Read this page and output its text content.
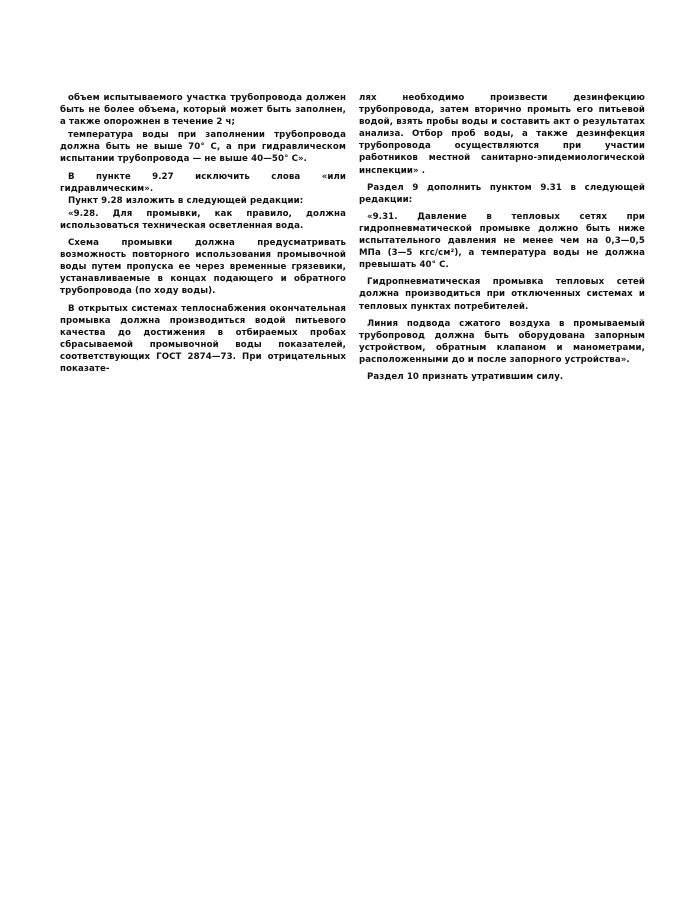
объем испытываемого участка трубопровода должен быть не более объема, который может быть заполнен, а также опорожнен в течение 2 ч;

температура воды при заполнении трубопровода должна быть не выше 70° С, а при гидравлическом испытании трубопровода — не выше 40—50° С».

В пункте 9.27 исключить слова «или гидравлическим».

Пункт 9.28 изложить в следующей редакции:

«9.28. Для промывки, как правило, должна использоваться техническая осветленная вода.

Схема промывки должна предусматривать возможность повторного использования промывочной воды путем пропуска ее через временные грязевики, устанавливаемые в концах подающего и обратного трубопровода (по ходу воды).

В открытых системах теплоснабжения окончательная промывка должна производиться водой питьевого качества до достижения в отбираемых пробах сбрасываемой промывочной воды показателей, соответствующих ГОСТ 2874—73. При отрицательных показате-

лях необходимо произвести дезинфекцию трубопровода, затем вторично промыть его питьевой водой, взять пробы воды и составить акт о результатах анализа. Отбор проб воды, а также дезинфекция трубопровода осуществляются при участии работников местной санитарно-эпидемиологической инспекции» .

Раздел 9 дополнить пунктом 9.31 в следующей редакции:

«9.31. Давление в тепловых сетях при гидропневматической промывке должно быть ниже испытательного давления не менее чем на 0,3—0,5 МПа (3—5 кгс/см²), а температура воды не должна превышать 40° С.

Гидропневматическая промывка тепловых сетей должна производиться при отключенных системах и тепловых пунктах потребителей.

Линия подвода сжатого воздуха в промываемый трубопровод должна быть оборудована запорным устройством, обратным клапаном и манометрами, расположенными до и после запорного устройства».

Раздел 10 признать утратившим силу.
